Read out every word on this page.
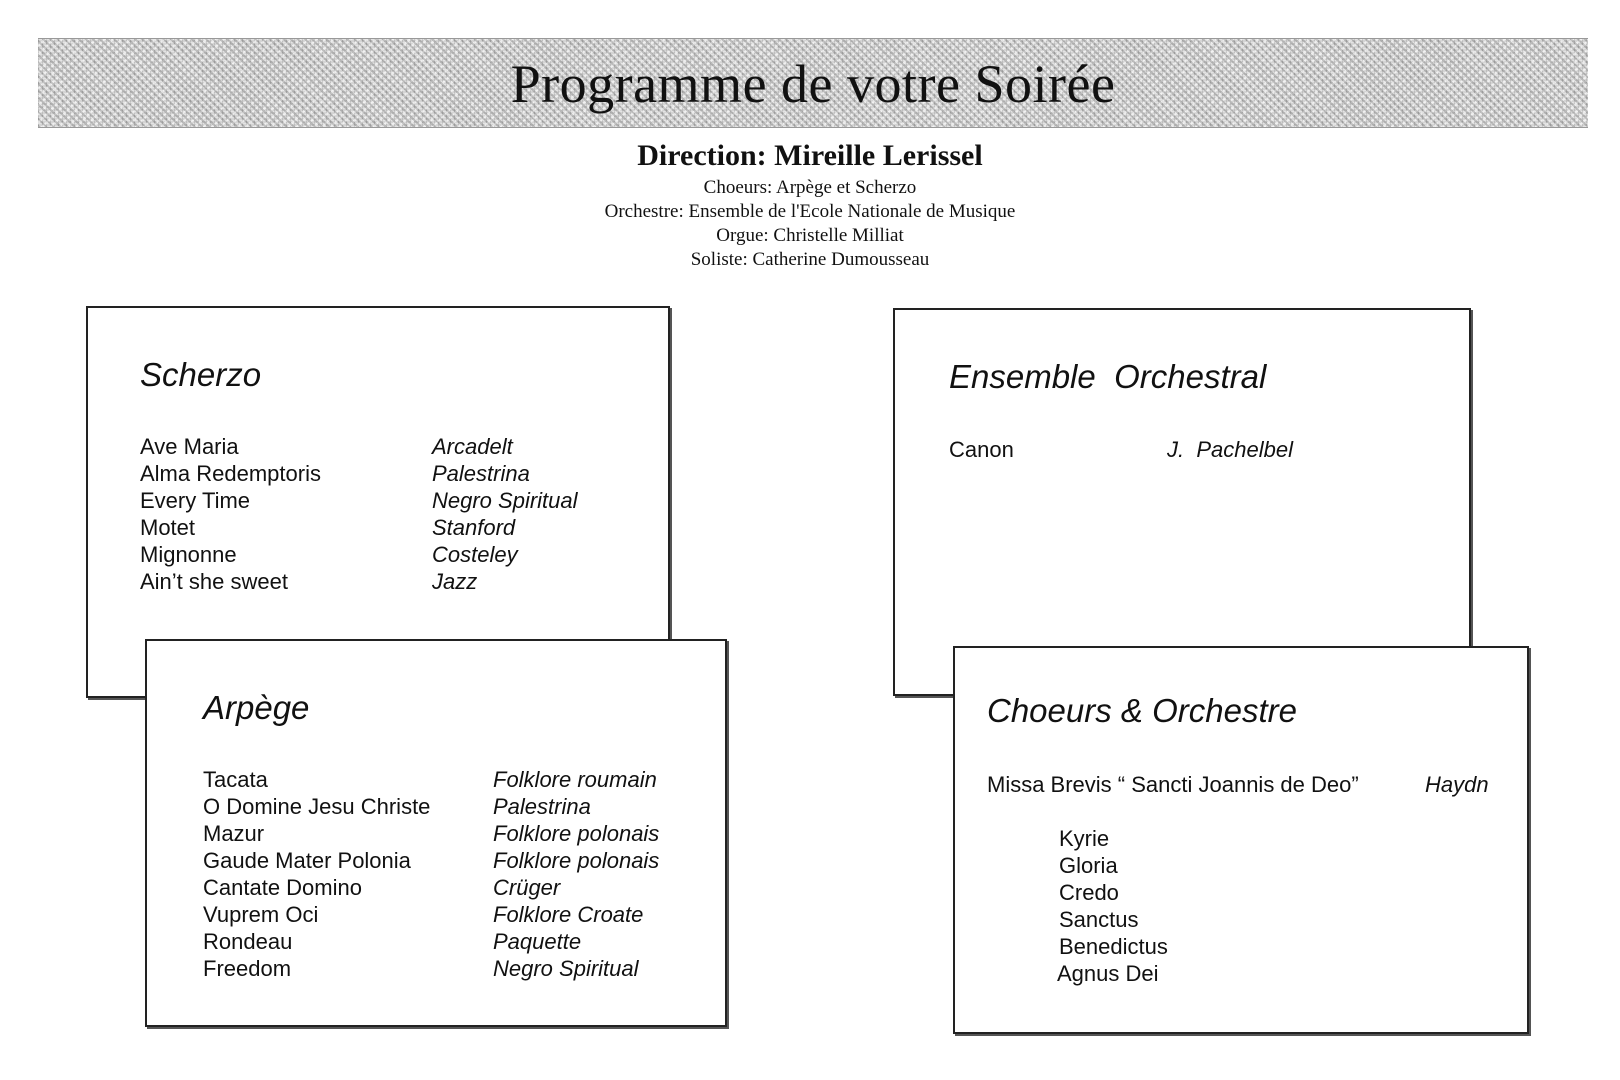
Programme de votre Soirée
Direction: Mireille Lerissel
Choeurs: Arpège et Scherzo
Orchestre: Ensemble de l'Ecole Nationale de Musique
Orgue: Christelle Milliat
Soliste: Catherine Dumousseau
Scherzo
Ave Maria	Arcadelt
Alma Redemptoris	Palestrina
Every Time	Negro Spiritual
Motet	Stanford
Mignonne	Costeley
Ain’t she sweet	Jazz
Arpège
Tacata	Folklore roumain
O Domine Jesu Christe	Palestrina
Mazur	Folklore polonais
Gaude Mater Polonia	Folklore polonais
Cantate Domino	Crüger
Vuprem Oci	Folklore Croate
Rondeau	Paquette
Freedom	Negro Spiritual
Ensemble  Orchestral
Canon	J.  Pachelbel
Choeurs & Orchestre
Missa Brevis “ Sancti Joannis de Deo”	Haydn
Kyrie
Gloria
Credo
Sanctus
Benedictus
Agnus Dei
